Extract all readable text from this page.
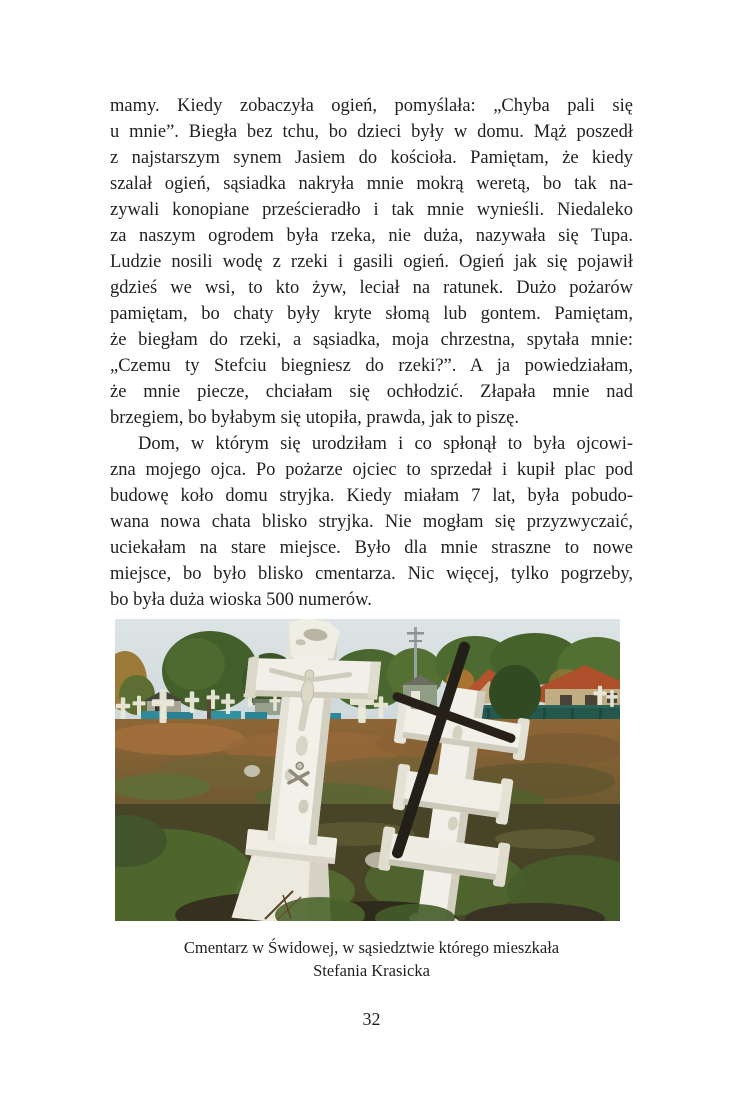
mamy. Kiedy zobaczyła ogień, pomyślała: „Chyba pali się
u mnie”. Biegła bez tchu, bo dzieci były w domu. Mąż poszedł
z najstarszym synem Jasiem do kościoła. Pamiętam, że kiedy
szalał ogień, sąsiadka nakryła mnie mokrą weretą, bo tak na-
zywali konopiane prześcieradło i tak mnie wynieśli. Niedaleko
za naszym ogrodem była rzeka, nie duża, nazywała się Tupa.
Ludzie nosili wodę z rzeki i gasili ogień. Ogień jak się pojawił
gdzieś we wsi, to kto żyw, leciał na ratunek. Dużo pożarów
pamiętam, bo chaty były kryte słomą lub gontem. Pamiętam,
że biegłam do rzeki, a sąsiadka, moja chrzestna, spytała mnie:
„Czemu ty Stefciu biegniesz do rzeki?”. A ja powiedziałam,
że mnie piecze, chciałam się ochłodzić. Złapała mnie nad
brzegiem, bo byłabym się utopiła, prawda, jak to piszę.
Dom, w którym się urodziłam i co spłonął to była ojcowi-
zna mojego ojca. Po pożarze ojciec to sprzedał i kupił plac pod
budowę koło domu stryjka. Kiedy miałam 7 lat, była pobudo-
wana nowa chata blisko stryjka. Nie mogłam się przyzwyczaić,
uciekałam na stare miejsce. Było dla mnie straszne to nowe
miejsce, bo było blisko cmentarza. Nic więcej, tylko pogrzeby,
bo była duża wioska 500 numerów.
Cmentarz w Świdowej, w sąsiedztwie którego mieszkała
Stefania Krasicka
32
